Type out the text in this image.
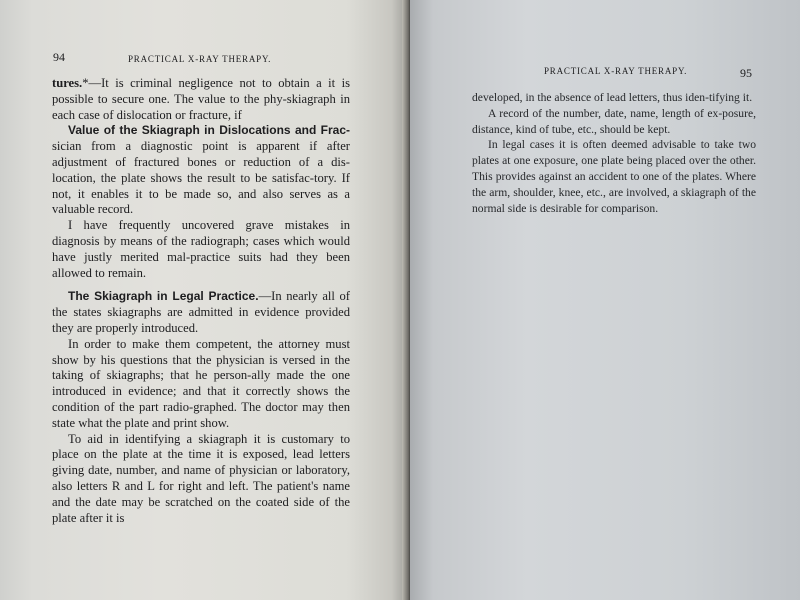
94	PRACTICAL X-RAY THERAPY.

tures.*—It is criminal negligence not to obtain a it is possible to secure one. The value to the phy-skiagraph in each case of dislocation or fracture, if

Value of the Skiagraph in Dislocations and Frac- sician from a diagnostic point is apparent if after adjustment of fractured bones or reduction of a dis-location, the plate shows the result to be satisfac-tory. If not, it enables it to be made so, and also serves as a valuable record.

I have frequently uncovered grave mistakes in diagnosis by means of the radiograph; cases which would have justly merited mal-practice suits had they been allowed to remain.

The Skiagraph in Legal Practice.—In nearly all of the states skiagraphs are admitted in evidence provided they are properly introduced.

In order to make them competent, the attorney must show by his questions that the physician is versed in the taking of skiagraphs; that he person-ally made the one introduced in evidence; and that it correctly shows the condition of the part radio-graphed. The doctor may then state what the plate and print show.

To aid in identifying a skiagraph it is customary to place on the plate at the time it is exposed, lead letters giving date, number, and name of physician or laboratory, also letters R and L for right and left. The patient's name and the date may be scratched on the coated side of the plate after it is

PRACTICAL X-RAY THERAPY.	95

developed, in the absence of lead letters, thus iden-tifying it.

A record of the number, date, name, length of ex-posure, distance, kind of tube, etc., should be kept.

In legal cases it is often deemed advisable to take two plates at one exposure, one plate being placed over the other. This provides against an accident to one of the plates. Where the arm, shoulder, knee, etc., are involved, a skiagraph of the normal side is desirable for comparison.
